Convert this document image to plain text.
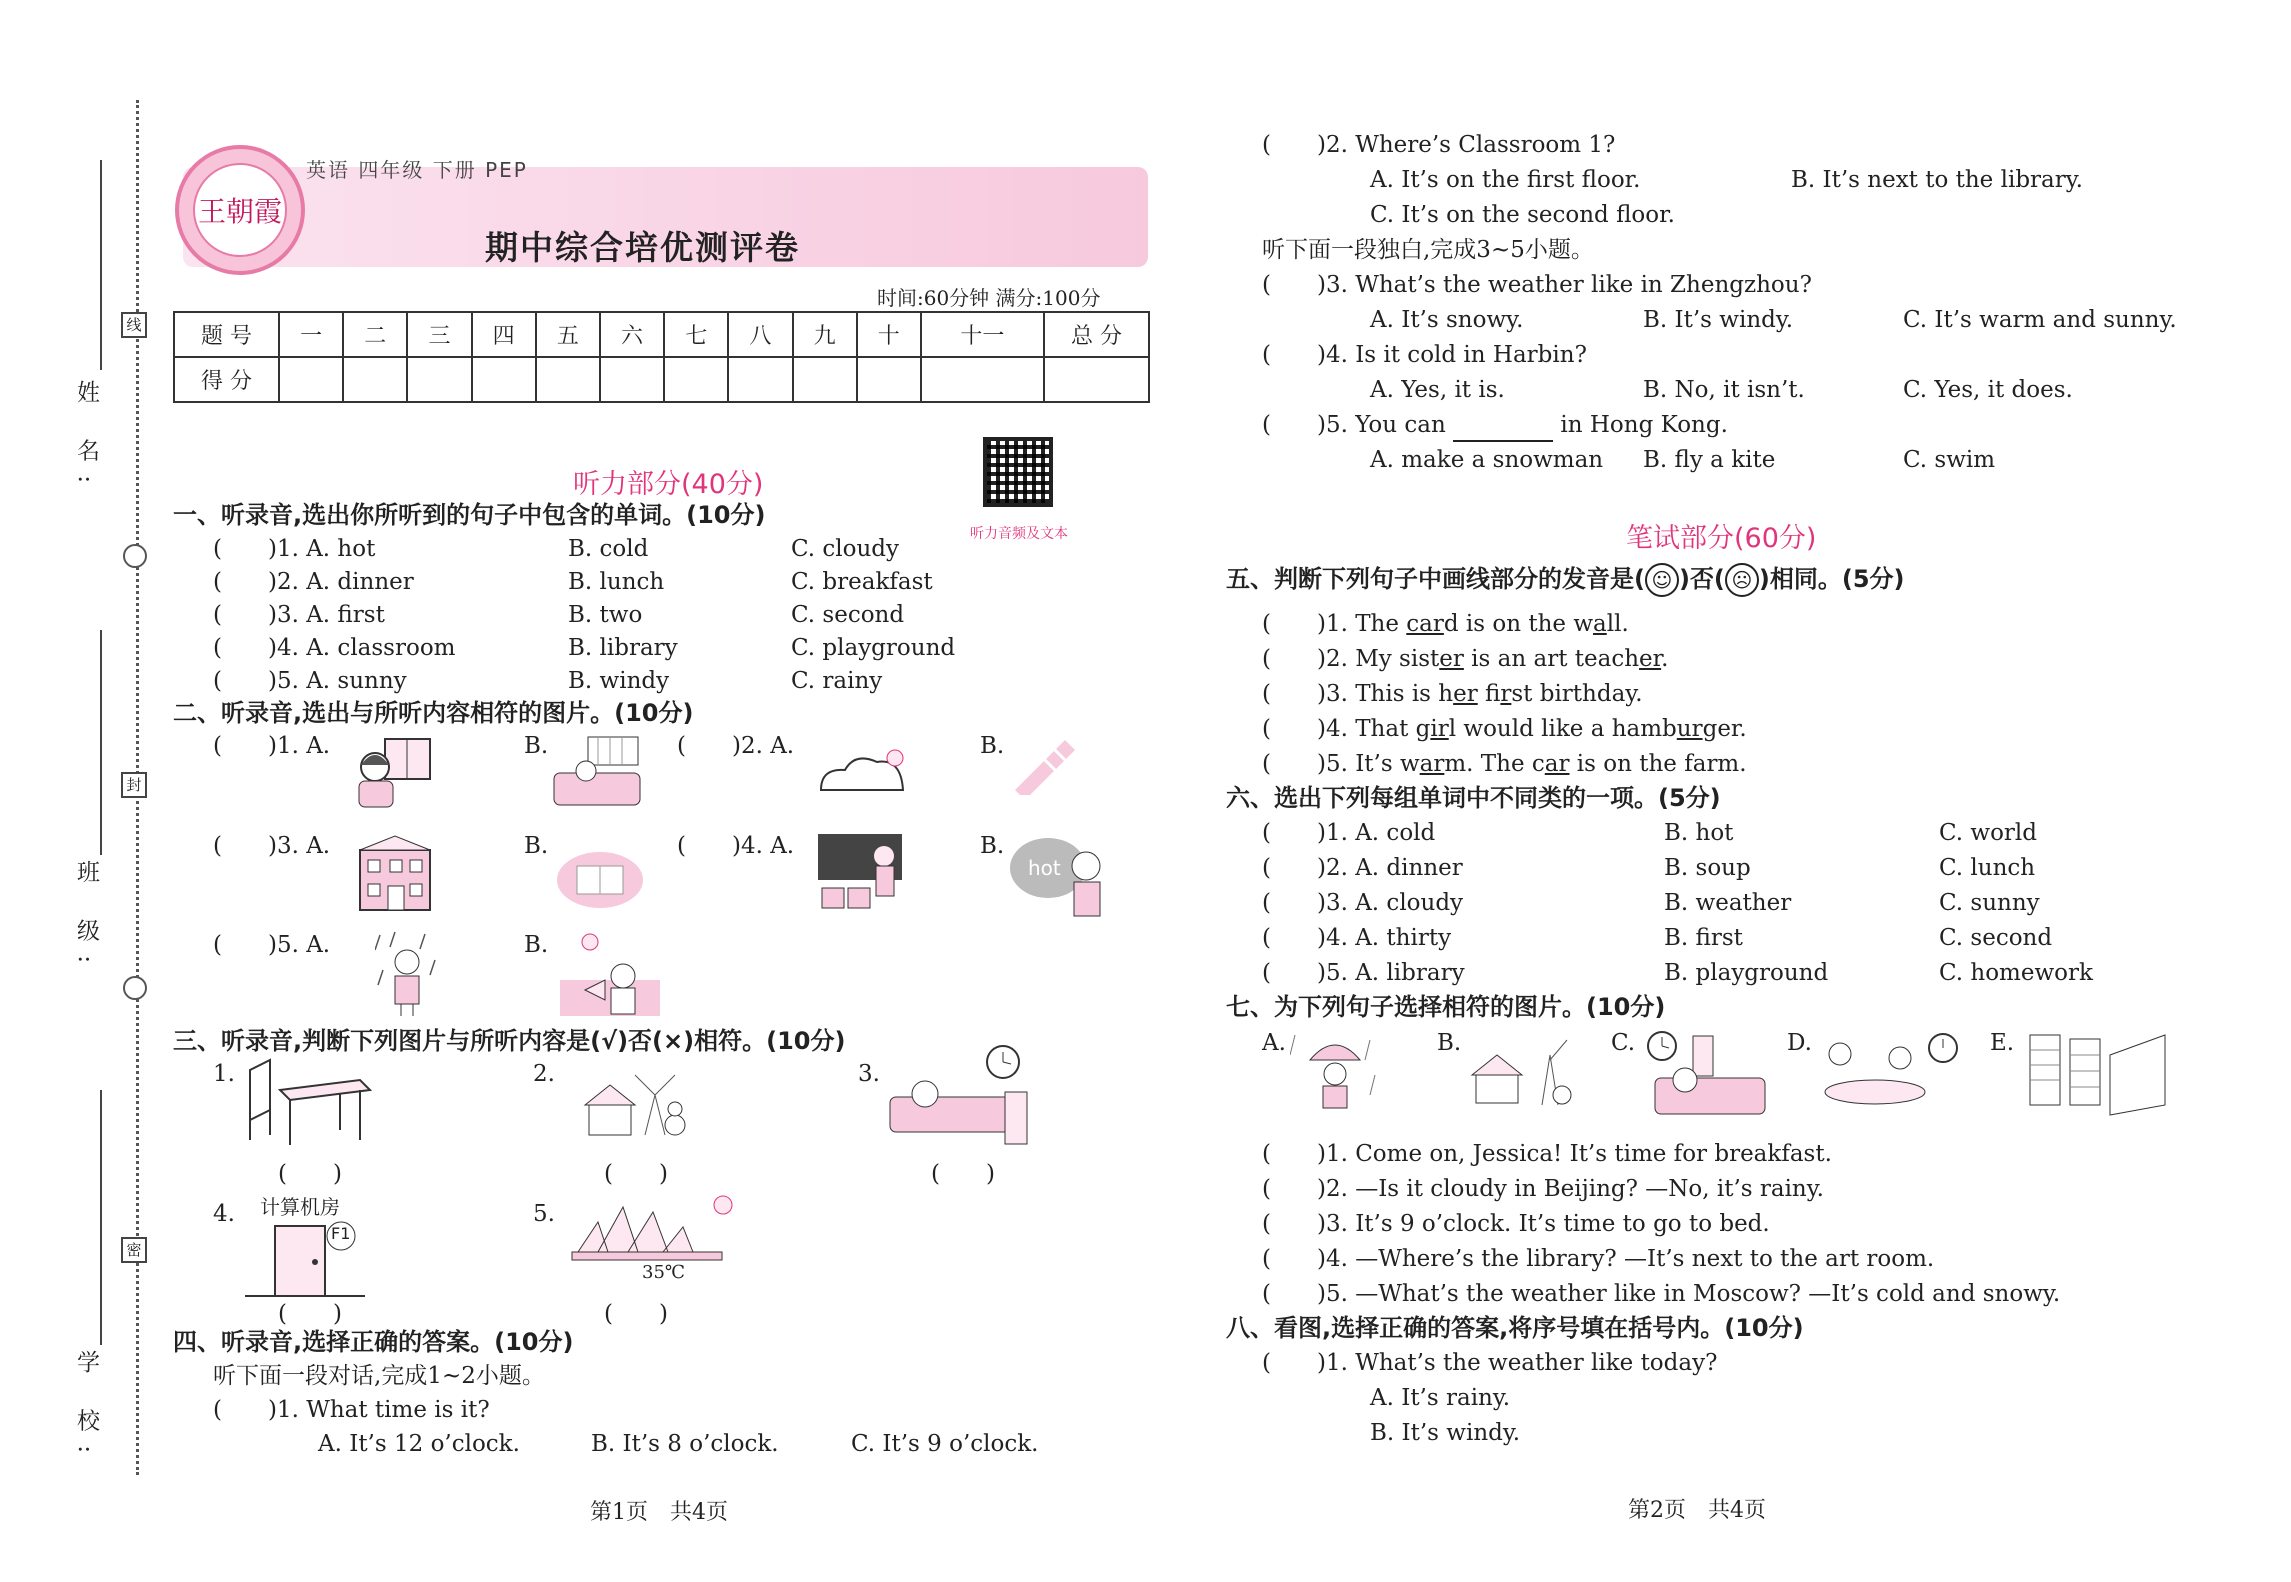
姓 名:
线
班 级:
封
学 校:
密
王朝霞
英语 四年级 下册 PEP
期中综合培优测评卷
时间:60分钟 满分:100分
题 号	一	二	三	四	五	六	七	八	九	十	十一	总 分
得 分												
听力部分(40分)
听力音频及文本
一、听录音,选出你所听到的句子中包含的单词。(10分)
(　　)1. A. hot	B. cold	C. cloudy
(　　)2. A. dinner	B. lunch	C. breakfast
(　　)3. A. first	B. two	C. second
(　　)4. A. classroom	B. library	C. playground
(　　)5. A. sunny	B. windy	C. rainy
二、听录音,选出与所听内容相符的图片。(10分)
(　　)1. A.	B.	(　　)2. A.	B.
(　　)3. A.	B.	(　　)4. A.	B.
hot
(　　)5. A.	B.
三、听录音,判断下列图片与所听内容是(√)否(×)相符。(10分)
1.
(　　)
2.
(　　)
3.
(　　)
4. 计算机房
F1
(　　)
5.
35℃
(　　)
四、听录音,选择正确的答案。(10分)
听下面一段对话,完成1~2小题。
(　　)1. What time is it?
A. It’s 12 o’clock.	B. It’s 8 o’clock.	C. It’s 9 o’clock.
第1页　共4页
(　　)2. Where’s Classroom 1?
A. It’s on the first floor.	B. It’s next to the library.
C. It’s on the second floor.
听下面一段独白,完成3~5小题。
(　　)3. What’s the weather like in Zhengzhou?
A. It’s snowy.	B. It’s windy.	C. It’s warm and sunny.
(　　)4. Is it cold in Harbin?
A. Yes, it is.	B. No, it isn’t.	C. Yes, it does.
(　　)5. You can	in Hong Kong.
A. make a snowman B. fly a kite	C. swim
笔试部分(60分)
五、判断下列句子中画线部分的发音是( ☺ )否( ☹ )相同。(5分)
(　　)1. The card is on the wall.
(　　)2. My sister is an art teacher.
(　　)3. This is her first birthday.
(　　)4. That girl would like a hamburger.
(　　)5. It’s warm. The car is on the farm.
六、选出下列每组单词中不同类的一项。(5分)
(　　)1. A. cold	B. hot	C. world
(　　)2. A. dinner	B. soup	C. lunch
(　　)3. A. cloudy	B. weather	C. sunny
(　　)4. A. thirty	B. first	C. second
(　　)5. A. library	B. playground	C. homework
七、为下列句子选择相符的图片。(10分)
A.	B.	C.	D.	E.
(　　)1. Come on, Jessica! It’s time for breakfast.
(　　)2. —Is it cloudy in Beijing? —No, it’s rainy.
(　　)3. It’s 9 o’clock. It’s time to go to bed.
(　　)4. —Where’s the library? —It’s next to the art room.
(　　)5. —What’s the weather like in Moscow? —It’s cold and snowy.
八、看图,选择正确的答案,将序号填在括号内。(10分)
(　　)1. What’s the weather like today?
A. It’s rainy.
B. It’s windy.
第2页　共4页
